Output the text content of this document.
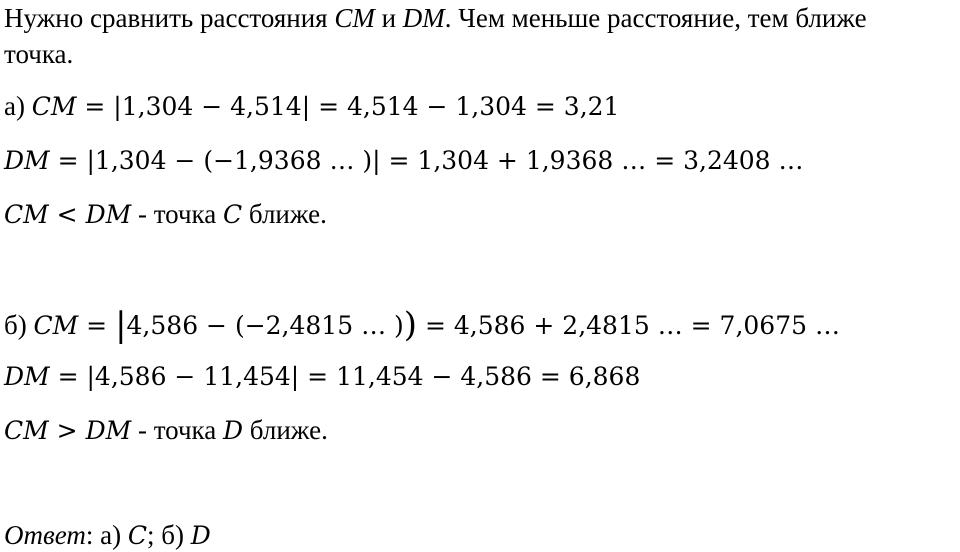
Нужно сравнить расстояния CM и DM. Чем меньше расстояние, тем ближе
точка.
а) CM = |1,304 − 4,514| = 4,514 − 1,304 = 3,21
DM = |1,304 − (−1,9368 … )| = 1,304 + 1,9368 … = 3,2408 …
CM < DM - точка C ближе.
б) CM = |4,586 − (−2,4815 … )) = 4,586 + 2,4815 … = 7,0675 …
DM = |4,586 − 11,454| = 11,454 − 4,586 = 6,868
CM > DM - точка D ближе.
Ответ: а) C; б) D
